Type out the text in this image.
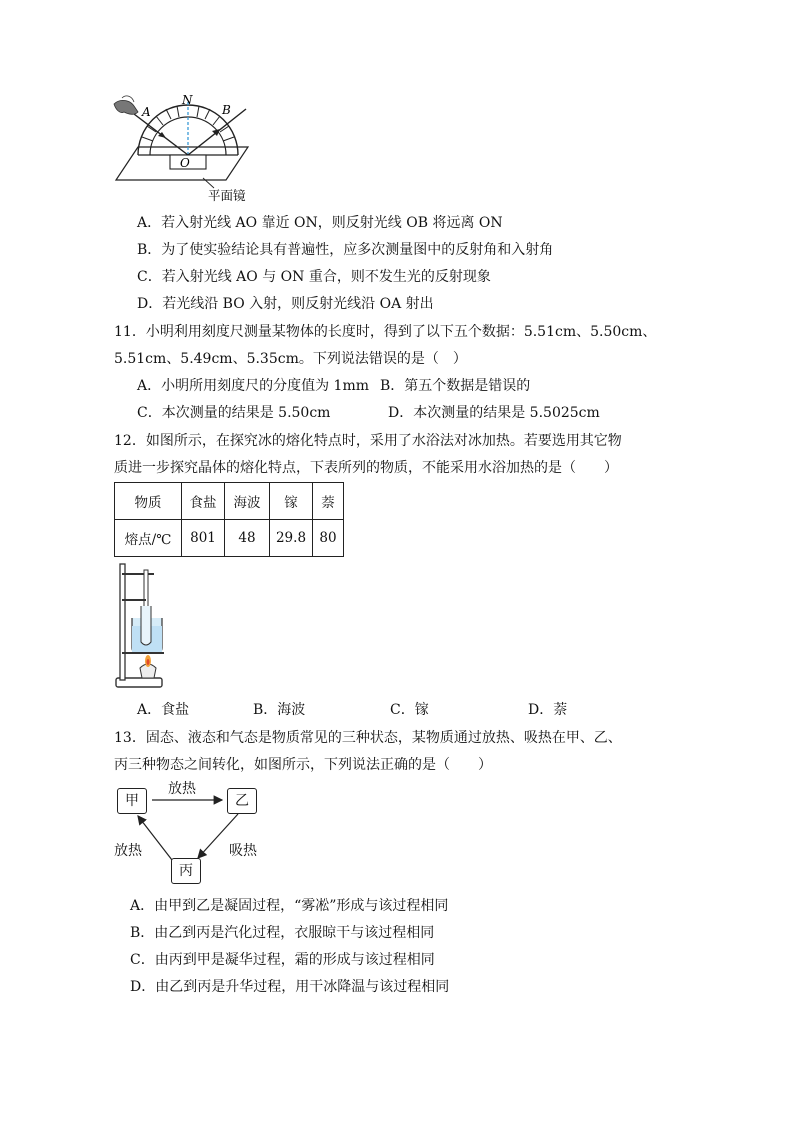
A
N
B
O
平面镜
A．若入射光线 AO 靠近 ON，则反射光线 OB 将远离 ON
B．为了使实验结论具有普遍性，应多次测量图中的反射角和入射角
C．若入射光线 AO 与 ON 重合，则不发生光的反射现象
D．若光线沿 BO 入射，则反射光线沿 OA 射出
11．小明利用刻度尺测量某物体的长度时，得到了以下五个数据：5.51cm、5.50cm、
5.51cm、5.49cm、5.35cm。下列说法错误的是（　）
A．小明所用刻度尺的分度值为 1mm B．第五个数据是错误的
C．本次测量的结果是 5.50cm	D．本次测量的结果是 5.5025cm
12．如图所示，在探究冰的熔化特点时，采用了水浴法对冰加热。若要选用其它物
质进一步探究晶体的熔化特点，下表所列的物质，不能采用水浴加热的是（　　）
物质	食盐	海波	镓	萘
熔点/℃	801	48	29.8	80
A．食盐	B．海波	C．镓	D．萘
13．固态、液态和气态是物质常见的三种状态，某物质通过放热、吸热在甲、乙、
丙三种物态之间转化，如图所示，下列说法正确的是（　　）
甲	乙
丙
放热
放热	吸热
A．由甲到乙是凝固过程，“雾凇”形成与该过程相同
B．由乙到丙是汽化过程，衣服晾干与该过程相同
C．由丙到甲是凝华过程，霜的形成与该过程相同
D．由乙到丙是升华过程，用干冰降温与该过程相同
